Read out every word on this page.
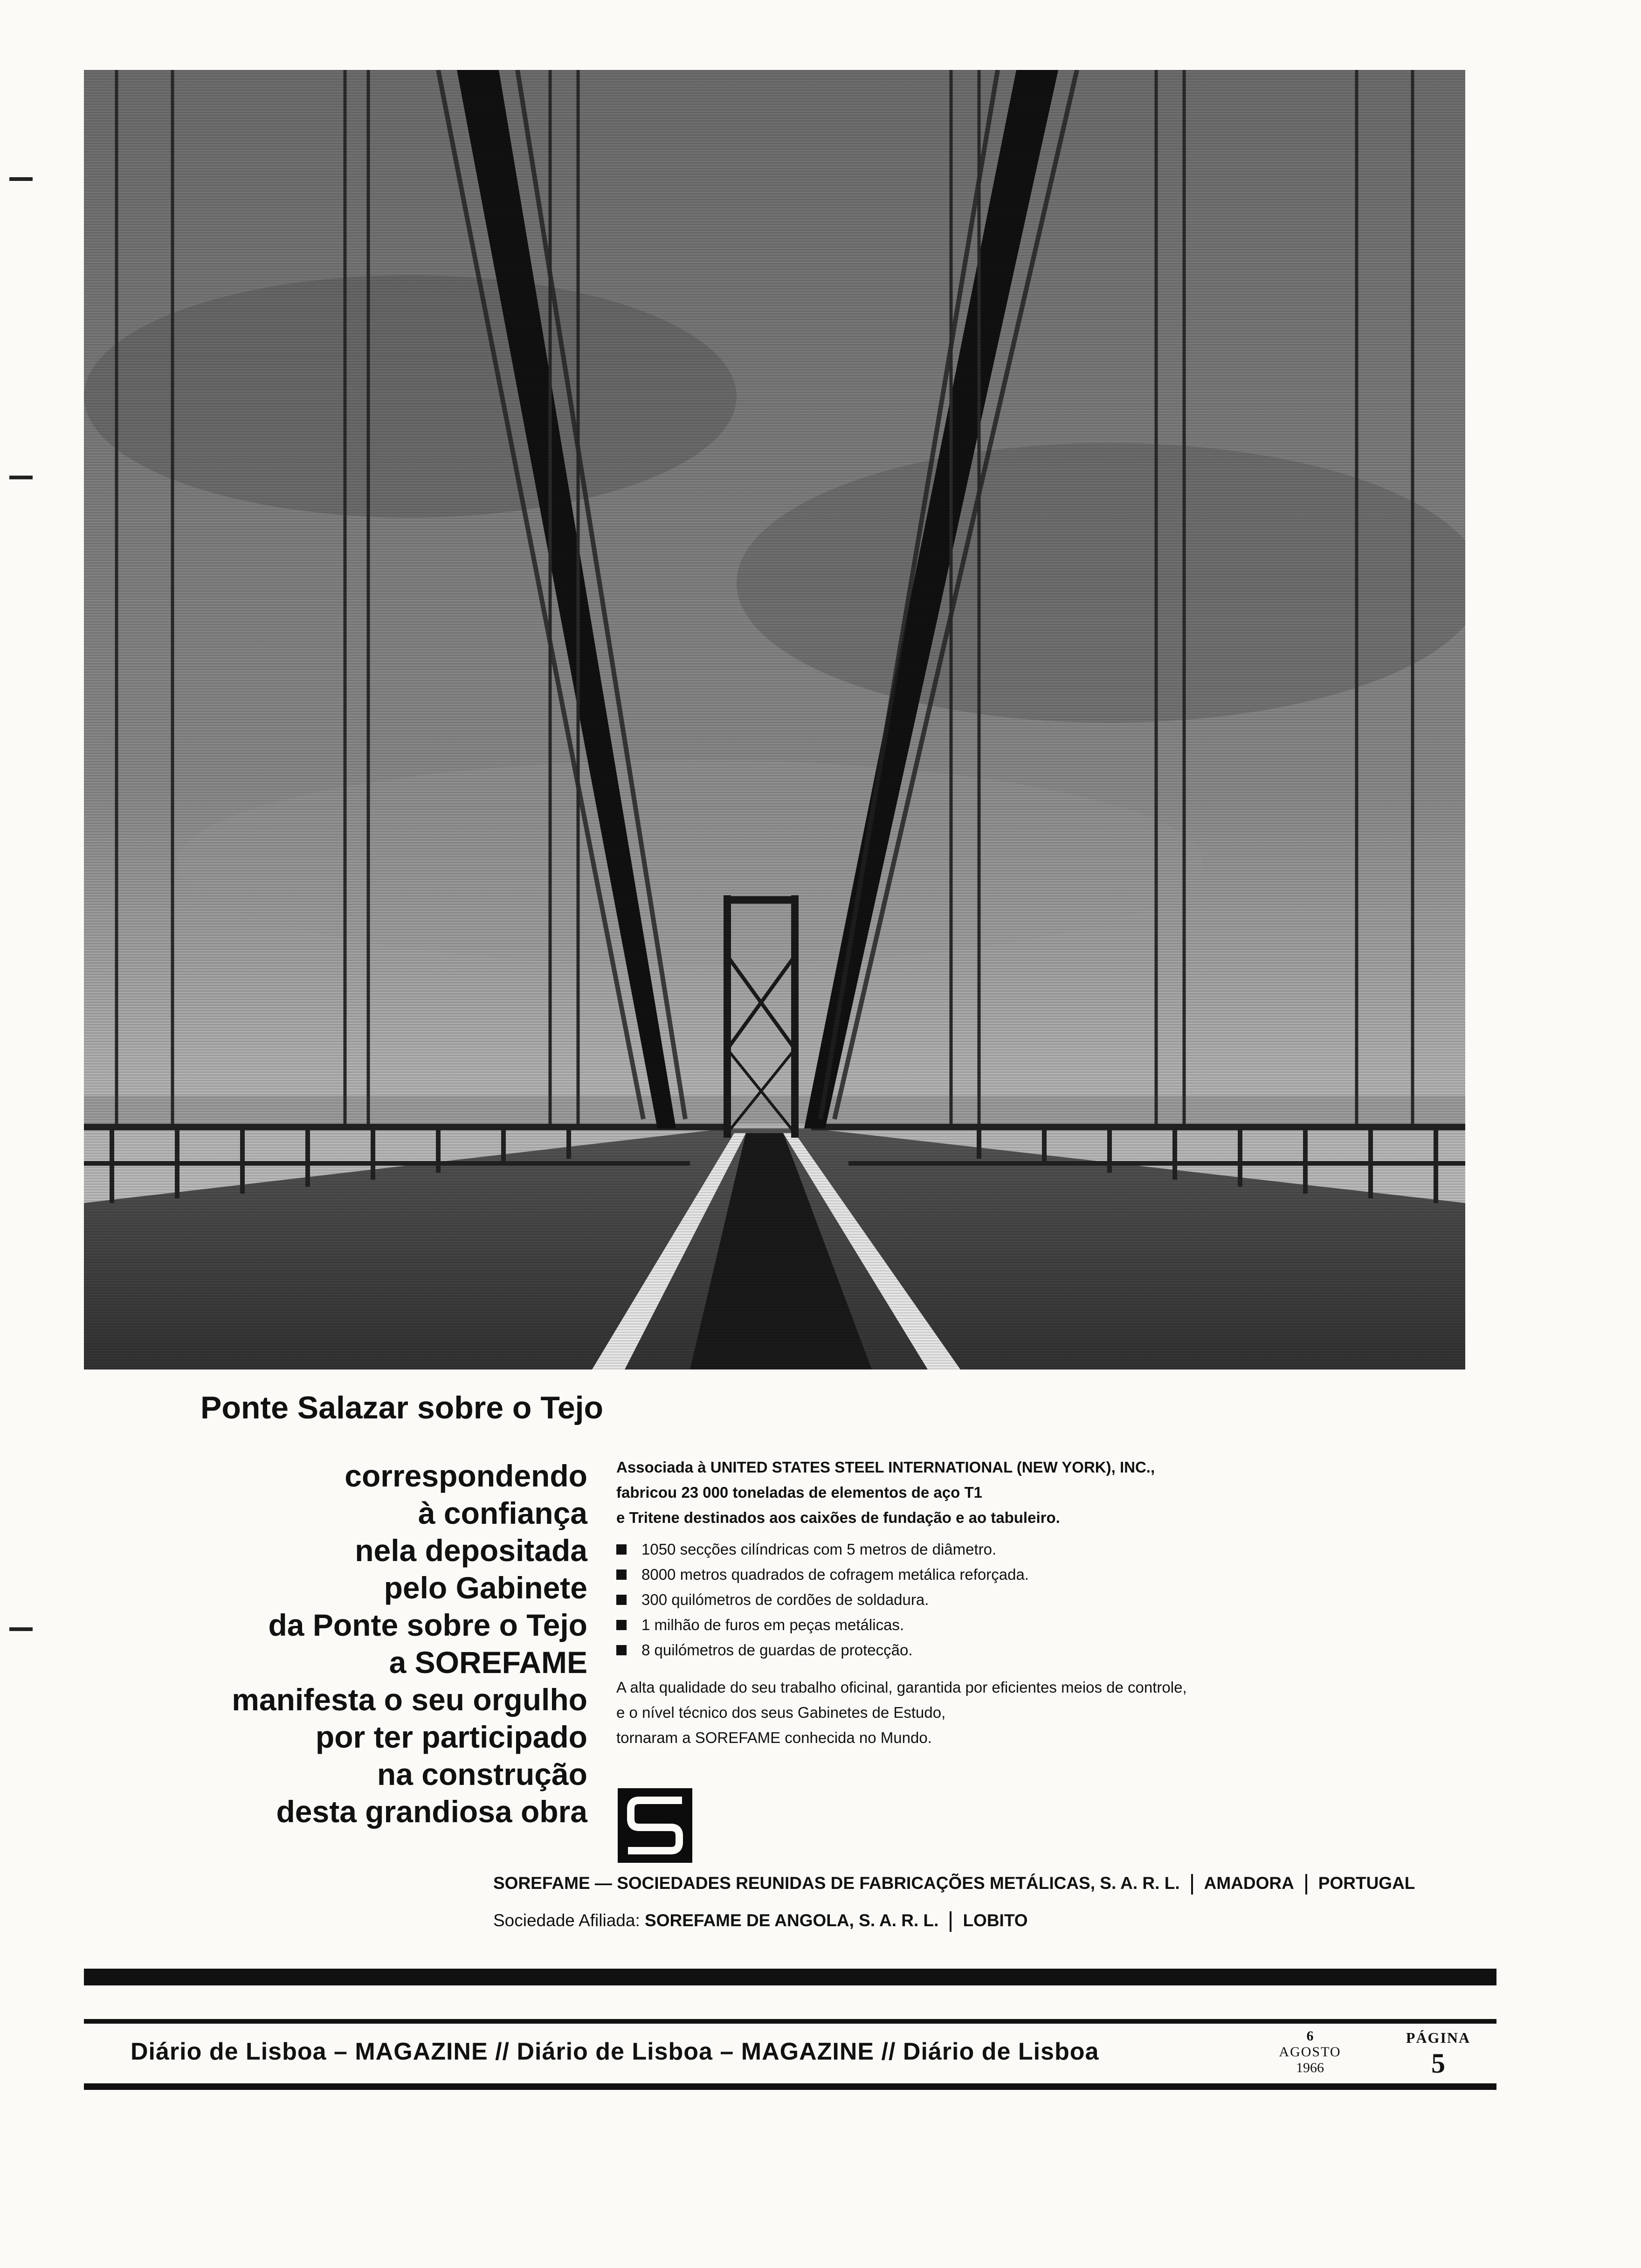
Ponte Salazar sobre o Tejo
correspondendo
à confiança
nela depositada
pelo Gabinete
da Ponte sobre o Tejo
a SOREFAME
manifesta o seu orgulho
por ter participado
na construção
desta grandiosa obra
Associada à UNITED STATES STEEL INTERNATIONAL (NEW YORK), INC.,
fabricou 23 000 toneladas de elementos de aço T1
e Tritene destinados aos caixões de fundação e ao tabuleiro.
1050 secções cilíndricas com 5 metros de diâmetro.
8000 metros quadrados de cofragem metálica reforçada.
300 quilómetros de cordões de soldadura.
1 milhão de furos em peças metálicas.
8 quilómetros de guardas de protecção.
A alta qualidade do seu trabalho oficinal, garantida por eficientes meios de controle,
e o nível técnico dos seus Gabinetes de Estudo,
tornaram a SOREFAME conhecida no Mundo.
SOREFAME — SOCIEDADES REUNIDAS DE FABRICAÇÕES METÁLICAS, S. A. R. L. AMADORA PORTUGAL
Sociedade Afiliada: SOREFAME DE ANGOLA, S. A. R. L. LOBITO
Diário de Lisboa – MAGAZINE // Diário de Lisboa – MAGAZINE // Diário de Lisboa
6
AGOSTO
1966
PÁGINA
5
